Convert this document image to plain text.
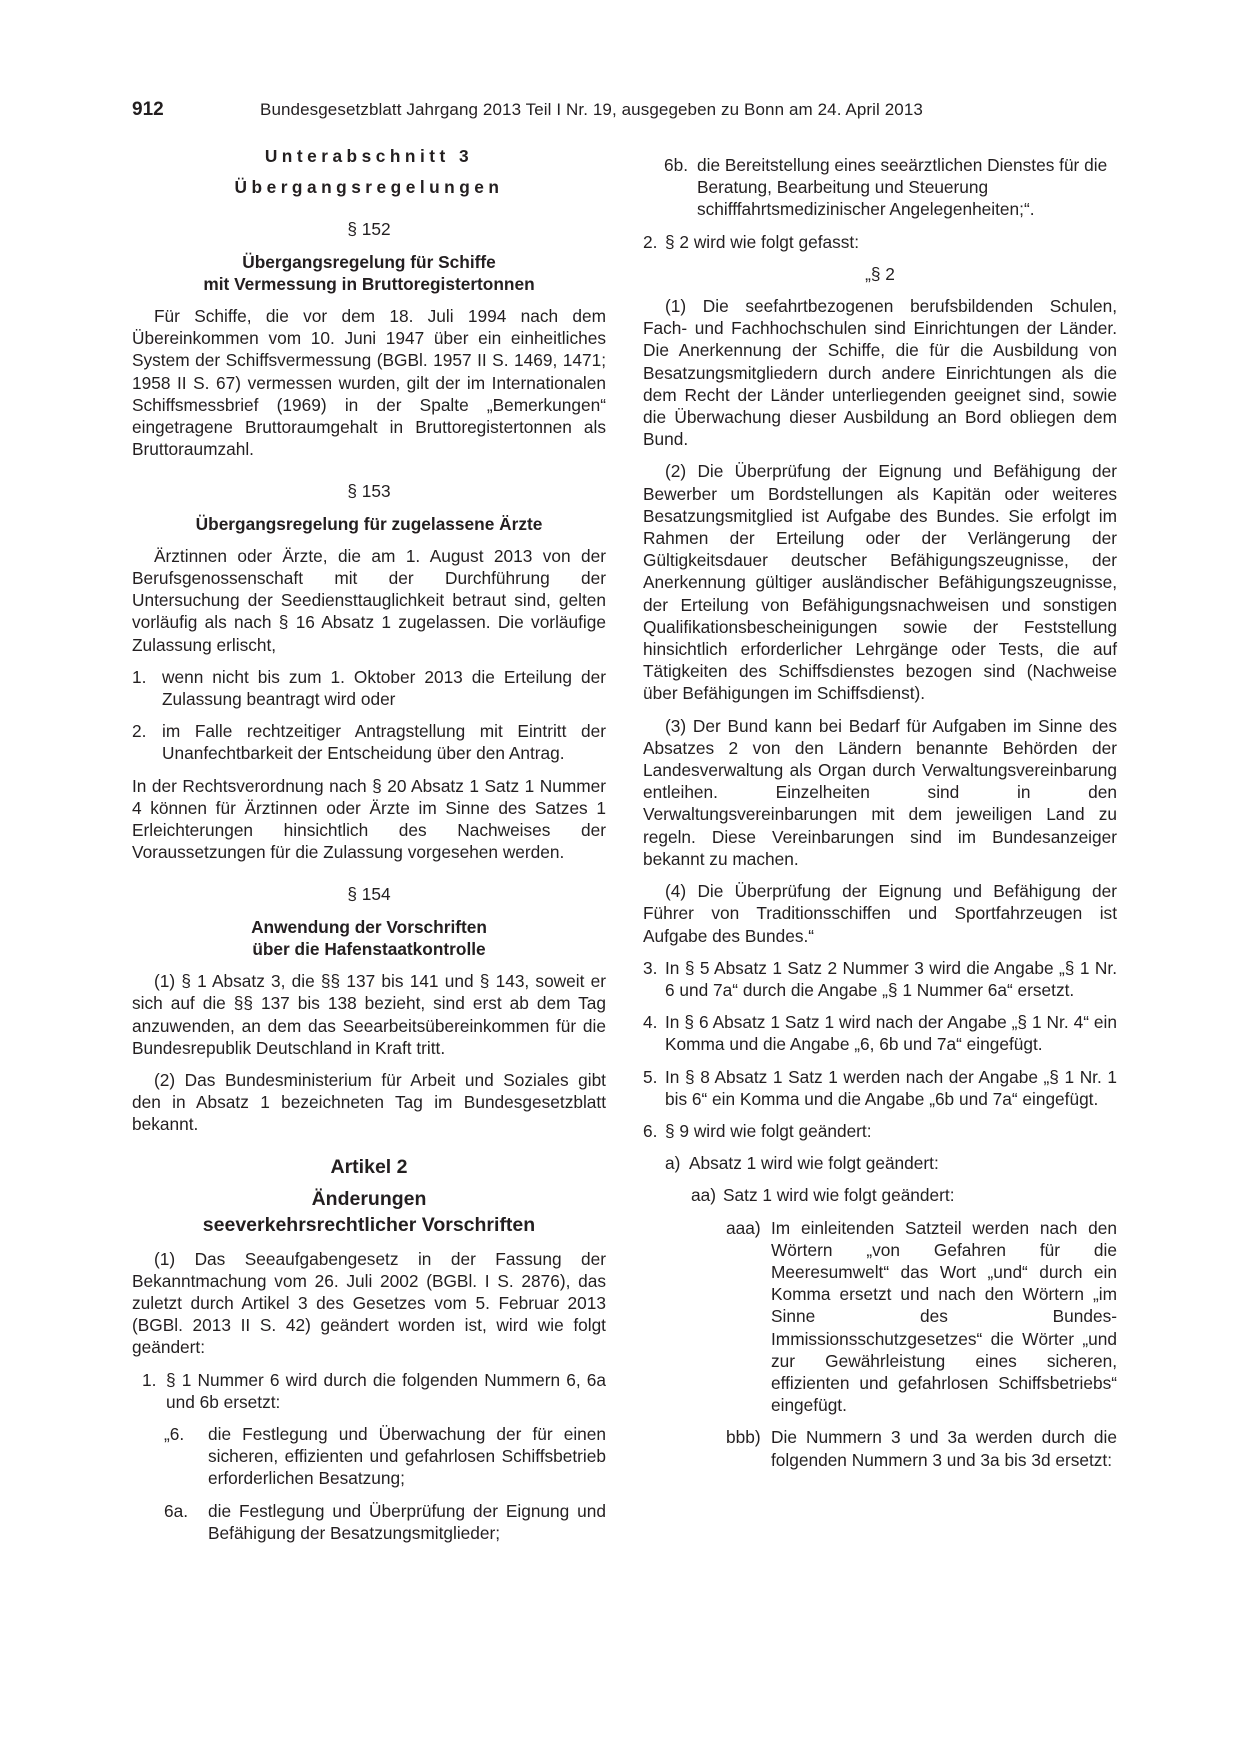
912	Bundesgesetzblatt Jahrgang 2013 Teil I Nr. 19, ausgegeben zu Bonn am 24. April 2013
Unterabschnitt 3
Übergangsregelungen
§ 152
Übergangsregelung für Schiffe
mit Vermessung in Bruttoregistertonnen

Für Schiffe, die vor dem 18. Juli 1994 nach dem Übereinkommen vom 10. Juni 1947 über ein einheitliches System der Schiffsvermessung (BGBl. 1957 II S. 1469, 1471; 1958 II S. 67) vermessen wurden, gilt der im Internationalen Schiffsmessbrief (1969) in der Spalte „Bemerkungen“ eingetragene Bruttoraumgehalt in Bruttoregistertonnen als Bruttoraumzahl.

§ 153
Übergangsregelung für zugelassene Ärzte

Ärztinnen oder Ärzte, die am 1. August 2013 von der Berufsgenossenschaft mit der Durchführung der Untersuchung der Seediensttauglichkeit betraut sind, gelten vorläufig als nach § 16 Absatz 1 zugelassen. Die vorläufige Zulassung erlischt,

1. wenn nicht bis zum 1. Oktober 2013 die Erteilung der Zulassung beantragt wird oder
2. im Falle rechtzeitiger Antragstellung mit Eintritt der Unanfechtbarkeit der Entscheidung über den Antrag.

In der Rechtsverordnung nach § 20 Absatz 1 Satz 1 Nummer 4 können für Ärztinnen oder Ärzte im Sinne des Satzes 1 Erleichterungen hinsichtlich des Nachweises der Voraussetzungen für die Zulassung vorgesehen werden.

§ 154
Anwendung der Vorschriften
über die Hafenstaatkontrolle

(1) § 1 Absatz 3, die §§ 137 bis 141 und § 143, soweit er sich auf die §§ 137 bis 138 bezieht, sind erst ab dem Tag anzuwenden, an dem das Seearbeitsübereinkommen für die Bundesrepublik Deutschland in Kraft tritt.

(2) Das Bundesministerium für Arbeit und Soziales gibt den in Absatz 1 bezeichneten Tag im Bundesgesetzblatt bekannt.

Artikel 2
Änderungen
seeverkehrsrechtlicher Vorschriften

(1) Das Seeaufgabengesetz in der Fassung der Bekanntmachung vom 26. Juli 2002 (BGBl. I S. 2876), das zuletzt durch Artikel 3 des Gesetzes vom 5. Februar 2013 (BGBl. 2013 II S. 42) geändert worden ist, wird wie folgt geändert:

1. § 1 Nummer 6 wird durch die folgenden Nummern 6, 6a und 6b ersetzt:
„6.	die Festlegung und Überwachung der für einen sicheren, effizienten und gefahrlosen Schiffsbetrieb erforderlichen Besatzung;
6a.	die Festlegung und Überprüfung der Eignung und Befähigung der Besatzungsmitglieder;
6b. die Bereitstellung eines seeärztlichen Dienstes für die Beratung, Bearbeitung und Steuerung schifffahrtsmedizinischer Angelegenheiten;“.
2. § 2 wird wie folgt gefasst:
„§ 2

(1) Die seefahrtbezogenen berufsbildenden Schulen, Fach- und Fachhochschulen sind Einrichtungen der Länder. Die Anerkennung der Schiffe, die für die Ausbildung von Besatzungsmitgliedern durch andere Einrichtungen als die dem Recht der Länder unterliegenden geeignet sind, sowie die Überwachung dieser Ausbildung an Bord obliegen dem Bund.

(2) Die Überprüfung der Eignung und Befähigung der Bewerber um Bordstellungen als Kapitän oder weiteres Besatzungsmitglied ist Aufgabe des Bundes. Sie erfolgt im Rahmen der Erteilung oder der Verlängerung der Gültigkeitsdauer deutscher Befähigungszeugnisse, der Anerkennung gültiger ausländischer Befähigungszeugnisse, der Erteilung von Befähigungsnachweisen und sonstigen Qualifikationsbescheinigungen sowie der Feststellung hinsichtlich erforderlicher Lehrgänge oder Tests, die auf Tätigkeiten des Schiffsdienstes bezogen sind (Nachweise über Befähigungen im Schiffsdienst).

(3) Der Bund kann bei Bedarf für Aufgaben im Sinne des Absatzes 2 von den Ländern benannte Behörden der Landesverwaltung als Organ durch Verwaltungsvereinbarung entleihen. Einzelheiten sind in den Verwaltungsvereinbarungen mit dem jeweiligen Land zu regeln. Diese Vereinbarungen sind im Bundesanzeiger bekannt zu machen.

(4) Die Überprüfung der Eignung und Befähigung der Führer von Traditionsschiffen und Sportfahrzeugen ist Aufgabe des Bundes.“

3. In § 5 Absatz 1 Satz 2 Nummer 3 wird die Angabe „§ 1 Nr. 6 und 7a“ durch die Angabe „§ 1 Nummer 6a“ ersetzt.
4. In § 6 Absatz 1 Satz 1 wird nach der Angabe „§ 1 Nr. 4“ ein Komma und die Angabe „6, 6b und 7a“ eingefügt.
5. In § 8 Absatz 1 Satz 1 werden nach der Angabe „§ 1 Nr. 1 bis 6“ ein Komma und die Angabe „6b und 7a“ eingefügt.
6. § 9 wird wie folgt geändert:
a) Absatz 1 wird wie folgt geändert:
aa) Satz 1 wird wie folgt geändert:
aaa) Im einleitenden Satzteil werden nach den Wörtern „von Gefahren für die Meeresumwelt“ das Wort „und“ durch ein Komma ersetzt und nach den Wörtern „im Sinne des Bundes-Immissionsschutzgesetzes“ die Wörter „und zur Gewährleistung eines sicheren, effizienten und gefahrlosen Schiffsbetriebs“ eingefügt.
bbb) Die Nummern 3 und 3a werden durch die folgenden Nummern 3 und 3a bis 3d ersetzt:
